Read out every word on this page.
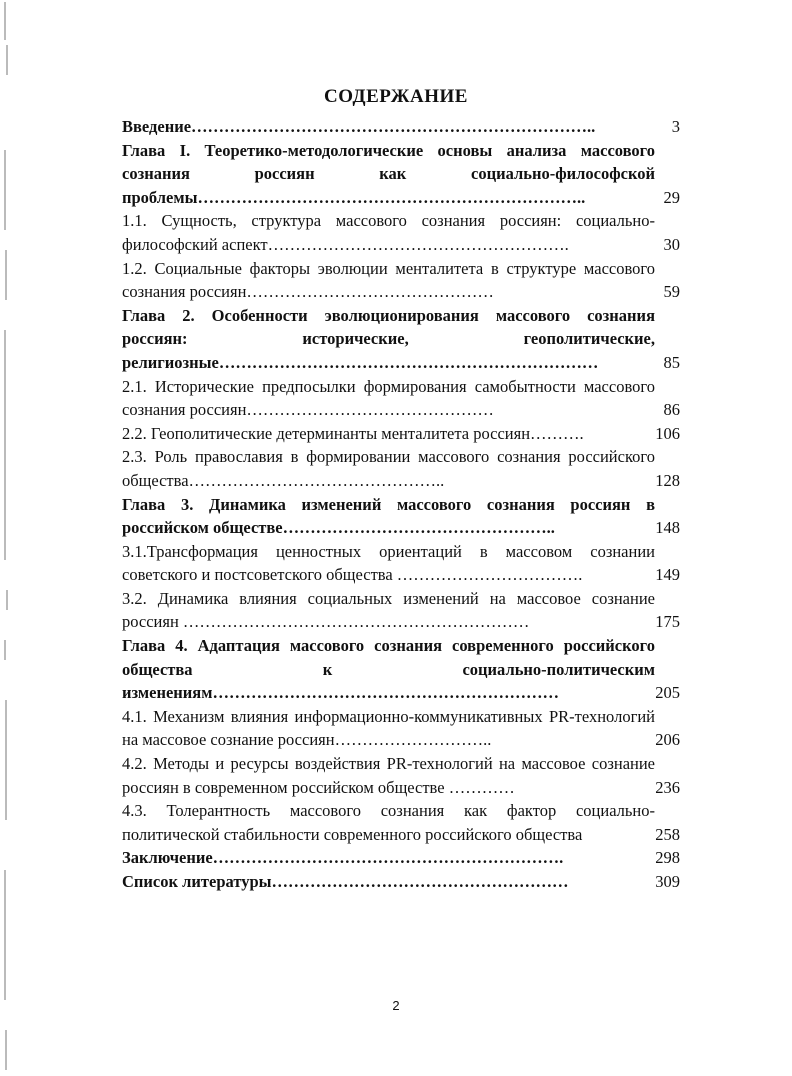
СОДЕРЖАНИЕ
Введение………………………………………………………………..	3
Глава I. Теоретико-методологические основы анализа массового сознания россиян как социально-философской проблемы……………………………………………………………..	29
1.1. Сущность, структура массового сознания россиян: социально-философский аспект……………………………………………….	30
1.2. Социальные факторы эволюции менталитета в структуре массового сознания россиян………………………………………	59
Глава 2. Особенности эволюционирования массового сознания россиян: исторические, геополитические, религиозные……………………………………………………………	85
2.1. Исторические предпосылки формирования самобытности массового сознания россиян………………………………………	86
2.2. Геополитические детерминанты менталитета россиян……….	106
2.3. Роль православия в формировании массового сознания российского общества………………………………………..	128
Глава 3. Динамика изменений массового сознания россиян в российском обществе…………………………………………..	148
3.1.Трансформация ценностных ориентаций в массовом сознании советского и постсоветского общества …………………………….	149
3.2. Динамика влияния социальных изменений на массовое сознание россиян ………………………………………………………	175
Глава 4. Адаптация массового сознания современного российского общества к социально-политическим изменениям………………………………………………………	205
4.1. Механизм влияния информационно-коммуникативных PR-технологий на массовое сознание россиян………………………..	206
4.2. Методы и ресурсы воздействия PR-технологий на массовое сознание россиян в современном российском обществе …………	236
4.3. Толерантность массового сознания как фактор социально-политической стабильности современного российского общества	258
Заключение……………………………………………………….	298
Список литературы………………………………………………	309
2
